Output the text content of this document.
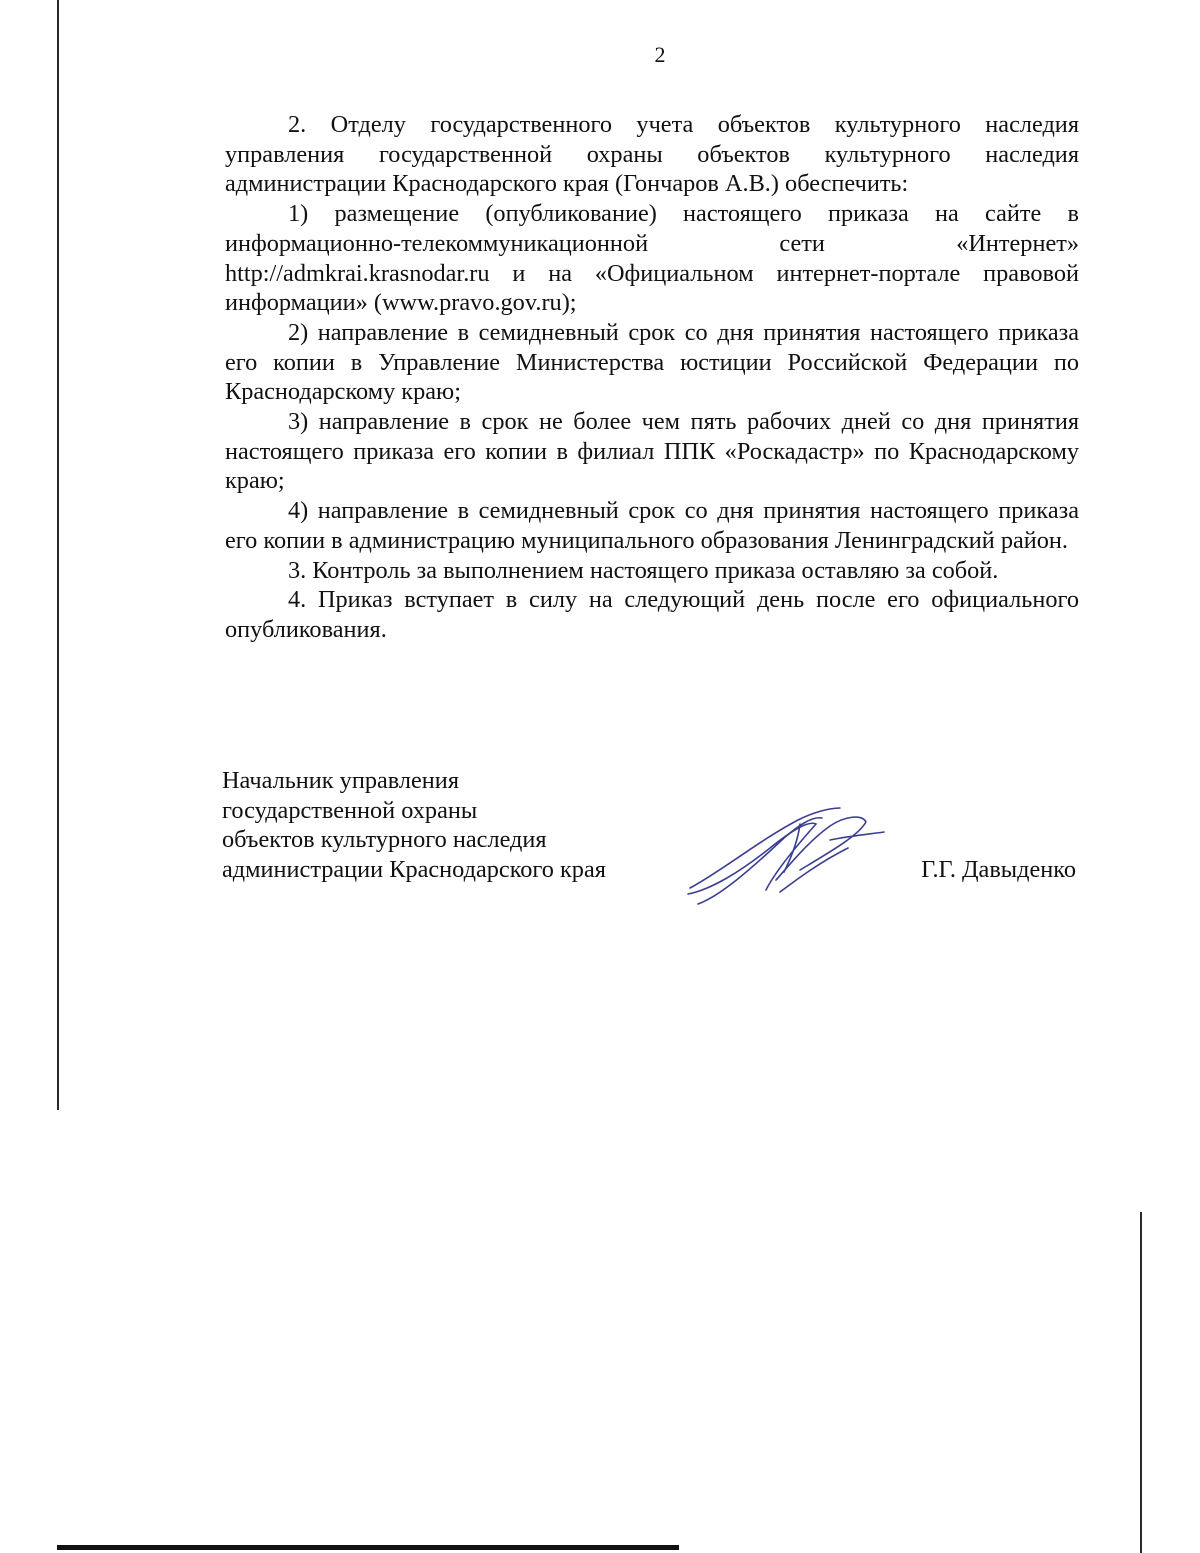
2

2. Отделу государственного учета объектов культурного наследия управления государственной охраны объектов культурного наследия администрации Краснодарского края (Гончаров А.В.) обеспечить:

1) размещение (опубликование) настоящего приказа на сайте в информационно-телекоммуникационной сети «Интернет» http://admkrai.krasnodar.ru и на «Официальном интернет-портале правовой информации» (www.pravo.gov.ru);

2) направление в семидневный срок со дня принятия настоящего приказа его копии в Управление Министерства юстиции Российской Федерации по Краснодарскому краю;

3) направление в срок не более чем пять рабочих дней со дня принятия настоящего приказа его копии в филиал ППК «Роскадастр» по Краснодарскому краю;

4) направление в семидневный срок со дня принятия настоящего приказа его копии в администрацию муниципального образования Ленинградский район.

3. Контроль за выполнением настоящего приказа оставляю за собой.

4. Приказ вступает в силу на следующий день после его официального опубликования.

Начальник управления
государственной охраны
объектов культурного наследия
администрации Краснодарского края	Г.Г. Давыденко
